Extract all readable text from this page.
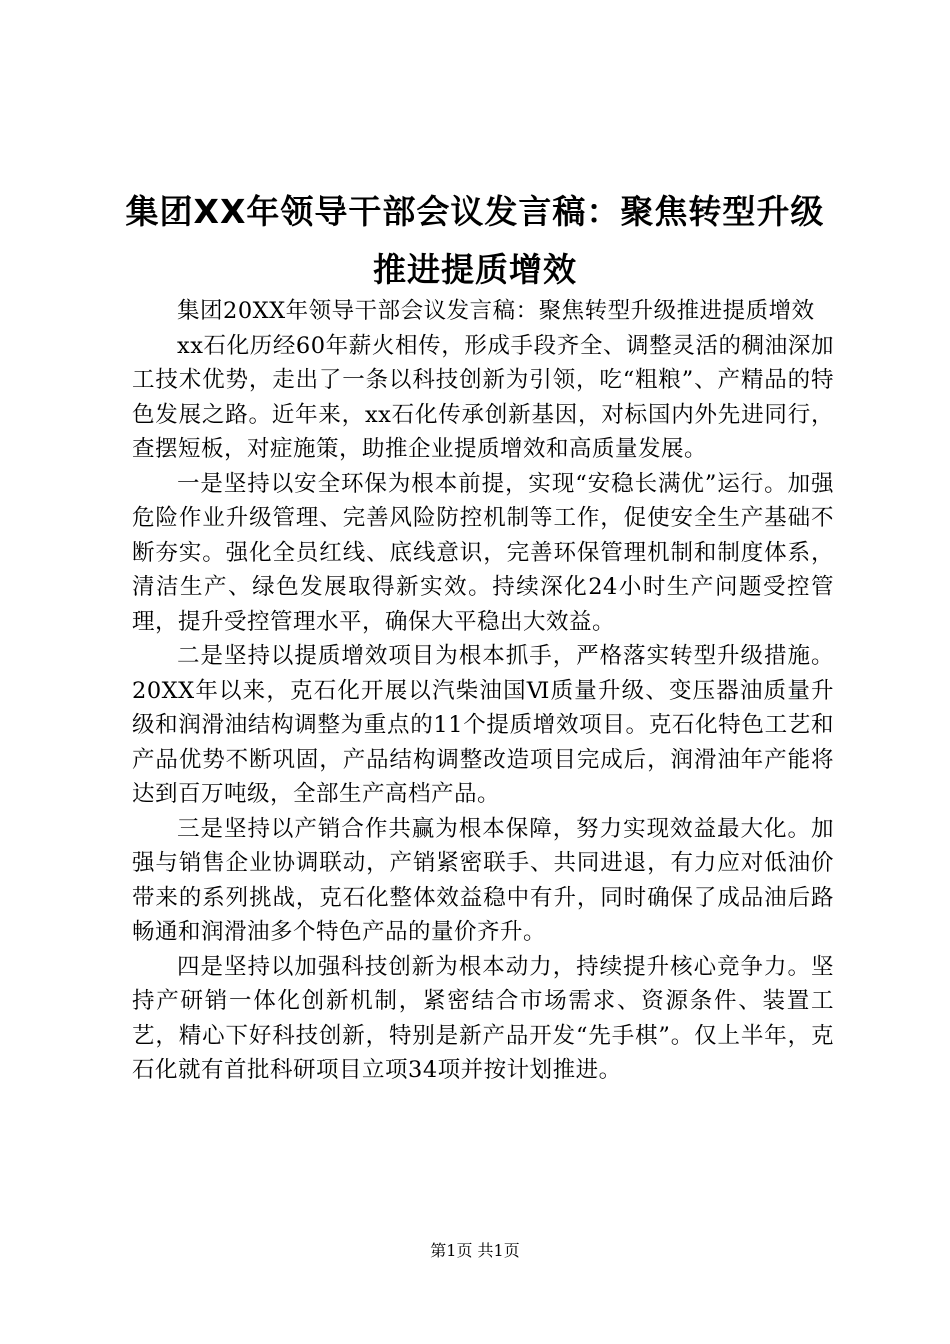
集团XX年领导干部会议发言稿：聚焦转型升级推进提质增效

集团20XX年领导干部会议发言稿：聚焦转型升级推进提质增效

xx石化历经60年薪火相传，形成手段齐全、调整灵活的稠油深加工技术优势，走出了一条以科技创新为引领，吃“粗粮”、产精品的特色发展之路。近年来，xx石化传承创新基因，对标国内外先进同行，查摆短板，对症施策，助推企业提质增效和高质量发展。

一是坚持以安全环保为根本前提，实现“安稳长满优”运行。加强危险作业升级管理、完善风险防控机制等工作，促使安全生产基础不断夯实。强化全员红线、底线意识，完善环保管理机制和制度体系，清洁生产、绿色发展取得新实效。持续深化24小时生产问题受控管理，提升受控管理水平，确保大平稳出大效益。

二是坚持以提质增效项目为根本抓手，严格落实转型升级措施。20XX年以来，克石化开展以汽柴油国Ⅵ质量升级、变压器油质量升级和润滑油结构调整为重点的11个提质增效项目。克石化特色工艺和产品优势不断巩固，产品结构调整改造项目完成后，润滑油年产能将达到百万吨级，全部生产高档产品。

三是坚持以产销合作共赢为根本保障，努力实现效益最大化。加强与销售企业协调联动，产销紧密联手、共同进退，有力应对低油价带来的系列挑战，克石化整体效益稳中有升，同时确保了成品油后路畅通和润滑油多个特色产品的量价齐升。

四是坚持以加强科技创新为根本动力，持续提升核心竞争力。坚持产研销一体化创新机制，紧密结合市场需求、资源条件、装置工艺，精心下好科技创新，特别是新产品开发“先手棋”。仅上半年，克石化就有首批科研项目立项34项并按计划推进。

第1页 共1页
